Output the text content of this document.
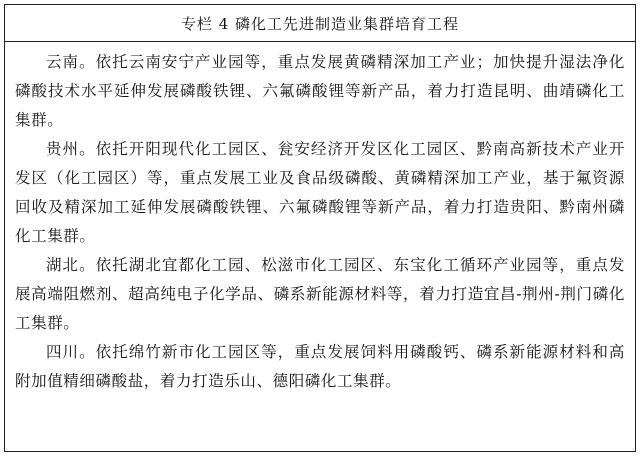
专栏 4 磷化工先进制造业集群培育工程

云南。依托云南安宁产业园等，重点发展黄磷精深加工产业；加快提升湿法净化磷酸技术水平延伸发展磷酸铁锂、六氟磷酸锂等新产品，着力打造昆明、曲靖磷化工集群。

贵州。依托开阳现代化工园区、瓮安经济开发区化工园区、黔南高新技术产业开发区（化工园区）等，重点发展工业及食品级磷酸、黄磷精深加工产业，基于氟资源回收及精深加工延伸发展磷酸铁锂、六氟磷酸锂等新产品，着力打造贵阳、黔南州磷化工集群。

湖北。依托湖北宜都化工园、松滋市化工园区、东宝化工循环产业园等，重点发展高端阻燃剂、超高纯电子化学品、磷系新能源材料等，着力打造宜昌-荆州-荆门磷化工集群。

四川。依托绵竹新市化工园区等，重点发展饲料用磷酸钙、磷系新能源材料和高附加值精细磷酸盐，着力打造乐山、德阳磷化工集群。
